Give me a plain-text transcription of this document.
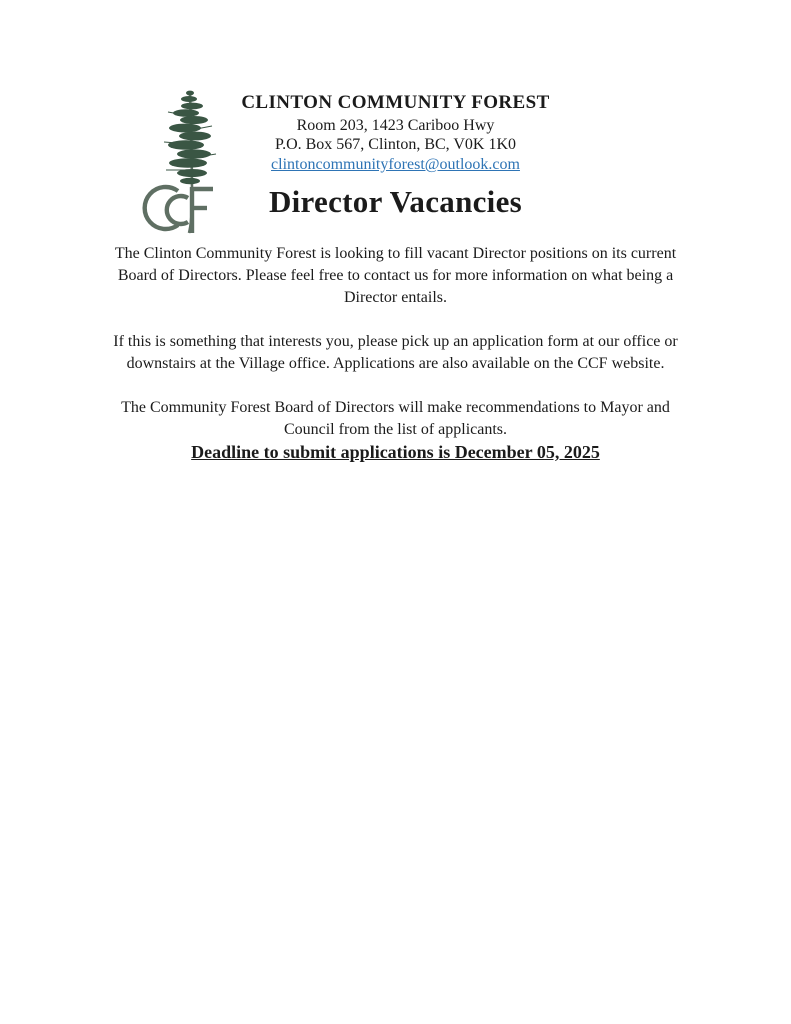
CLINTON COMMUNITY FOREST

Room 203, 1423 Cariboo Hwy

P.O. Box 567, Clinton, BC, V0K 1K0

clintoncommunityforest@outlook.com
Director Vacancies

The Clinton Community Forest is looking to fill vacant Director positions on its current Board of Directors. Please feel free to contact us for more information on what being a Director entails.

If this is something that interests you, please pick up an application form at our office or downstairs at the Village office. Applications are also available on the CCF website.

The Community Forest Board of Directors will make recommendations to Mayor and Council from the list of applicants.

Deadline to submit applications is December 05, 2025
